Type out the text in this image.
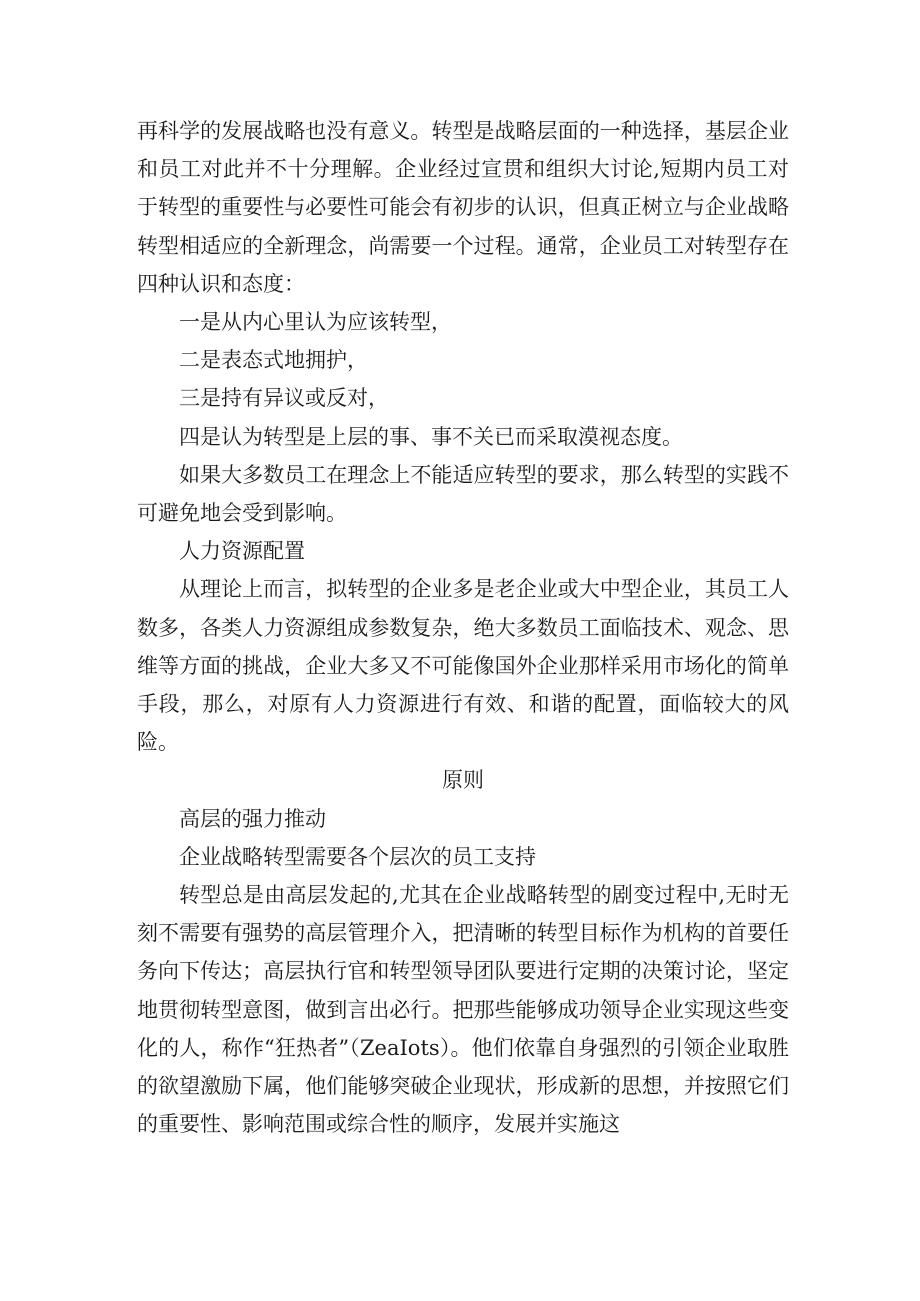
再科学的发展战略也没有意义。转型是战略层面的一种选择，基层企业和员工对此并不十分理解。企业经过宣贯和组织大讨论,短期内员工对于转型的重要性与必要性可能会有初步的认识，但真正树立与企业战略转型相适应的全新理念，尚需要一个过程。通常，企业员工对转型存在四种认识和态度：

一是从内心里认为应该转型，

二是表态式地拥护，

三是持有异议或反对，

四是认为转型是上层的事、事不关已而采取漠视态度。

如果大多数员工在理念上不能适应转型的要求，那么转型的实践不可避免地会受到影响。

人力资源配置

从理论上而言，拟转型的企业多是老企业或大中型企业，其员工人数多，各类人力资源组成参数复杂，绝大多数员工面临技术、观念、思维等方面的挑战，企业大多又不可能像国外企业那样采用市场化的简单手段，那么，对原有人力资源进行有效、和谐的配置，面临较大的风险。

原则

高层的强力推动

企业战略转型需要各个层次的员工支持

转型总是由高层发起的,尤其在企业战略转型的剧变过程中,无时无刻不需要有强势的高层管理介入，把清晰的转型目标作为机构的首要任务向下传达；高层执行官和转型领导团队要进行定期的决策讨论，坚定地贯彻转型意图，做到言出必行。把那些能够成功领导企业实现这些变化的人，称作“狂热者”（ZeaIots）。他们依靠自身强烈的引领企业取胜的欲望激励下属，他们能够突破企业现状，形成新的思想，并按照它们的重要性、影响范围或综合性的顺序，发展并实施这
